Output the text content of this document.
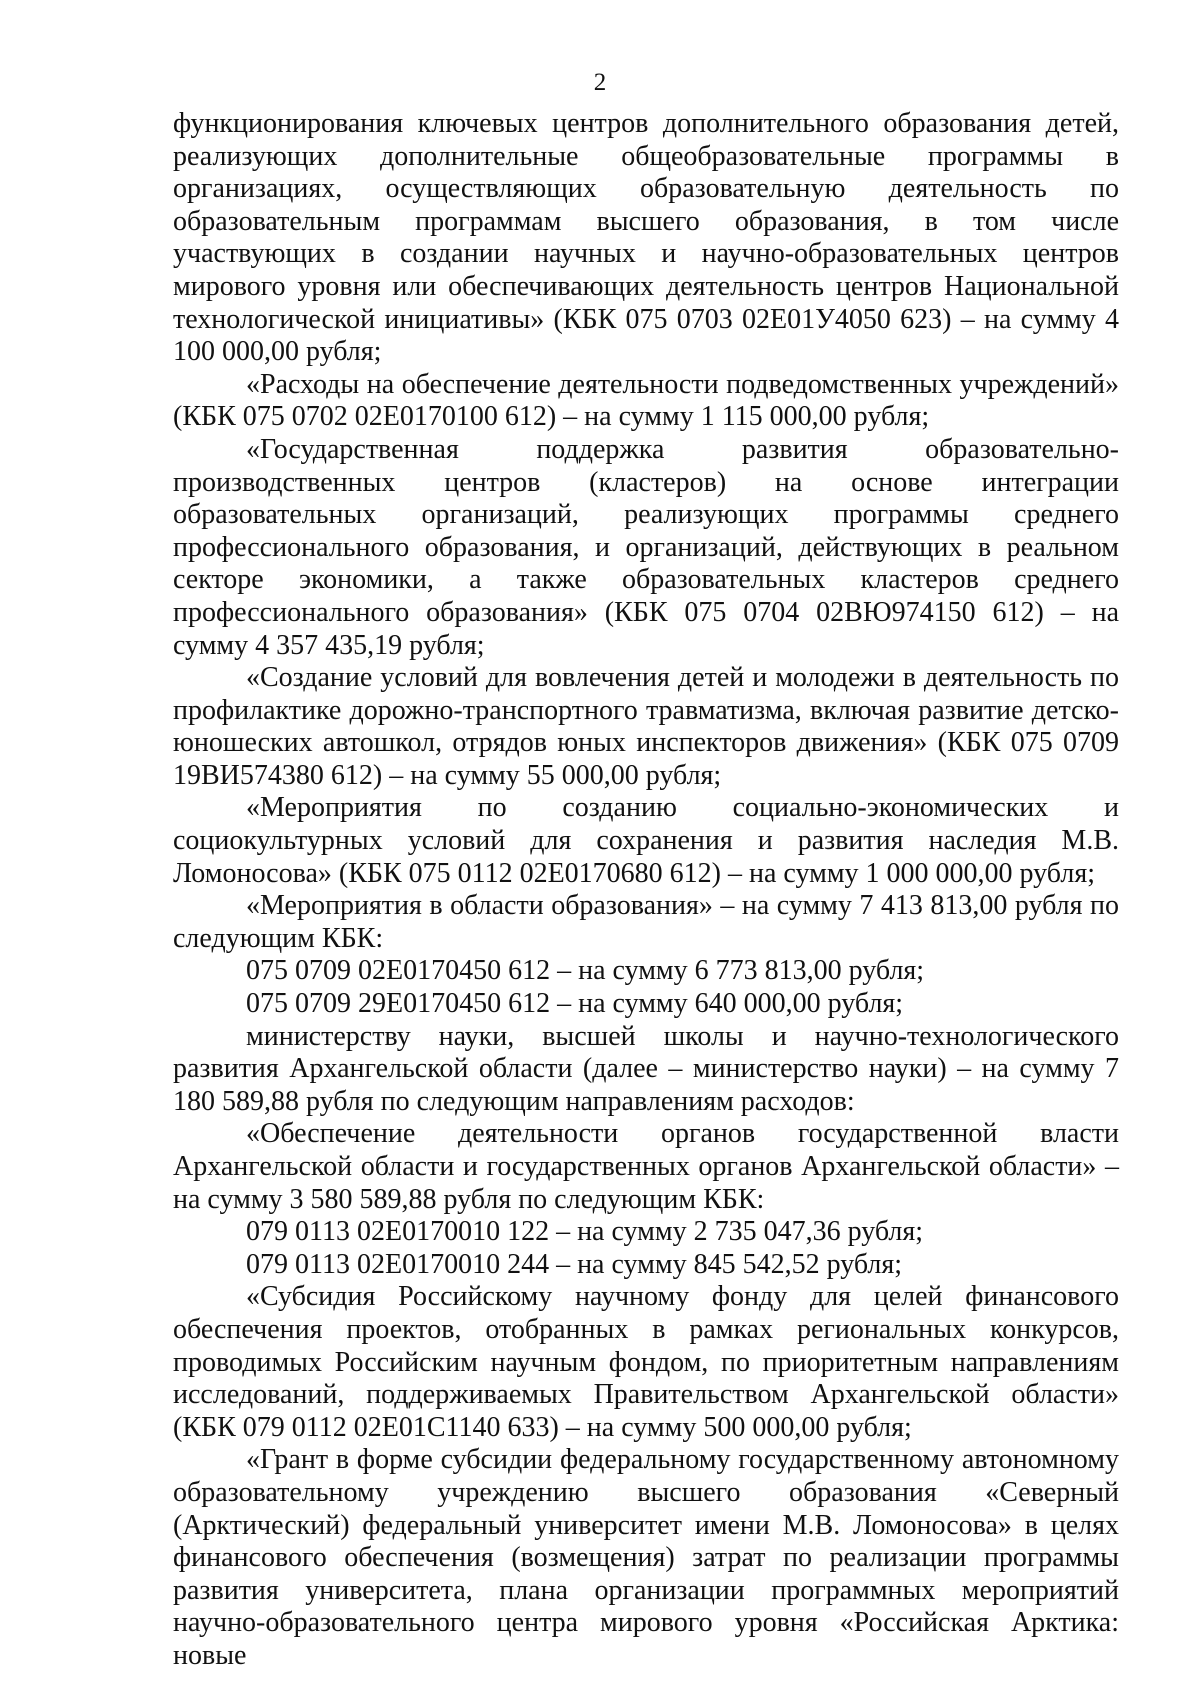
2

функционирования ключевых центров дополнительного образования детей, реализующих дополнительные общеобразовательные программы в организациях, осуществляющих образовательную деятельность по образовательным программам высшего образования, в том числе участвующих в создании научных и научно-образовательных центров мирового уровня или обеспечивающих деятельность центров Национальной технологической инициативы» (КБК 075 0703 02Е01У4050 623) – на сумму 4 100 000,00 рубля;

«Расходы на обеспечение деятельности подведомственных учреждений» (КБК 075 0702 02Е0170100 612) – на сумму 1 115 000,00 рубля;

«Государственная поддержка развития образовательно-производственных центров (кластеров) на основе интеграции образовательных организаций, реализующих программы среднего профессионального образования, и организаций, действующих в реальном секторе экономики, а также образовательных кластеров среднего профессионального образования» (КБК 075 0704 02ВЮ974150 612) – на сумму 4 357 435,19 рубля;

«Создание условий для вовлечения детей и молодежи в деятельность по профилактике дорожно-транспортного травматизма, включая развитие детско-юношеских автошкол, отрядов юных инспекторов движения» (КБК 075 0709 19ВИ574380 612) – на сумму 55 000,00 рубля;

«Мероприятия по созданию социально-экономических и социокультурных условий для сохранения и развития наследия М.В. Ломоносова» (КБК 075 0112 02Е0170680 612) – на сумму 1 000 000,00 рубля;

«Мероприятия в области образования» – на сумму 7 413 813,00 рубля по следующим КБК:

075 0709 02Е0170450 612 – на сумму 6 773 813,00 рубля;

075 0709 29Е0170450 612 – на сумму 640 000,00 рубля;

министерству науки, высшей школы и научно-технологического развития Архангельской области (далее – министерство науки) – на сумму 7 180 589,88 рубля по следующим направлениям расходов:

«Обеспечение деятельности органов государственной власти Архангельской области и государственных органов Архангельской области» – на сумму 3 580 589,88 рубля по следующим КБК:

079 0113 02Е0170010 122 – на сумму 2 735 047,36 рубля;

079 0113 02Е0170010 244 – на сумму 845 542,52 рубля;

«Субсидия Российскому научному фонду для целей финансового обеспечения проектов, отобранных в рамках региональных конкурсов, проводимых Российским научным фондом, по приоритетным направлениям исследований, поддерживаемых Правительством Архангельской области» (КБК 079 0112 02Е01С1140 633) – на сумму 500 000,00 рубля;

«Грант в форме субсидии федеральному государственному автономному образовательному учреждению высшего образования «Северный (Арктический) федеральный университет имени М.В. Ломоносова» в целях финансового обеспечения (возмещения) затрат по реализации программы развития университета, плана организации программных мероприятий научно-образовательного центра мирового уровня «Российская Арктика: новые
